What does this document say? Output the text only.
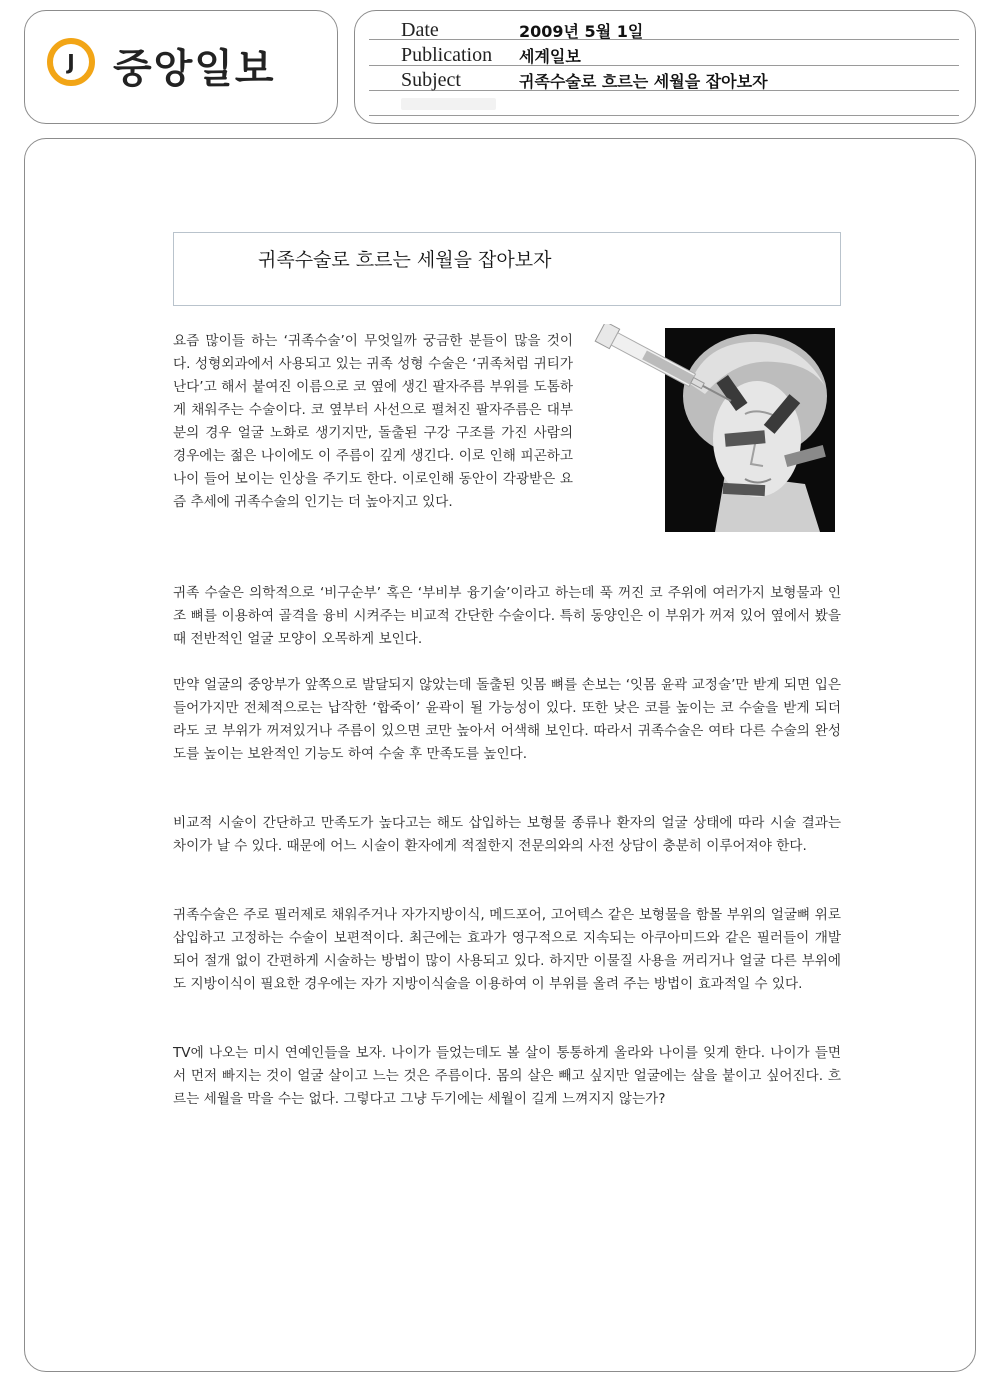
J 중앙일보
Date	2009년 5월 1일
Publication 세계일보
Subject	귀족수술로 흐르는 세월을 잡아보자
귀족수술로 흐르는 세월을 잡아보자

요즘 많이들 하는 ‘귀족수술’이 무엇일까 궁금한 분들이 많을 것이다. 성형외과에서 사용되고 있는 귀족 성형 수술은 ‘귀족처럼 귀티가 난다’고 해서 붙여진 이름으로 코 옆에 생긴 팔자주름 부위를 도톰하게 채워주는 수술이다. 코 옆부터 사선으로 펼쳐진 팔자주름은 대부분의 경우 얼굴 노화로 생기지만, 돌출된 구강 구조를 가진 사람의 경우에는 젊은 나이에도 이 주름이 깊게 생긴다. 이로 인해 피곤하고 나이 들어 보이는 인상을 주기도 한다. 이로인해 동안이 각광받은 요즘 추세에 귀족수술의 인기는 더 높아지고 있다.

귀족 수술은 의학적으로 ‘비구순부’ 혹은 ‘부비부 융기술’이라고 하는데 푹 꺼진 코 주위에 여러가지 보형물과 인조 뼈를 이용하여 골격을 융비 시켜주는 비교적 간단한 수술이다. 특히 동양인은 이 부위가 꺼져 있어 옆에서 봤을 때 전반적인 얼굴 모양이 오목하게 보인다.

만약 얼굴의 중앙부가 앞쪽으로 발달되지 않았는데 돌출된 잇몸 뼈를 손보는 ‘잇몸 윤곽 교정술’만 받게 되면 입은 들어가지만 전체적으로는 납작한 ‘합죽이’ 윤곽이 될 가능성이 있다. 또한 낮은 코를 높이는 코 수술을 받게 되더라도 코 부위가 꺼져있거나 주름이 있으면 코만 높아서 어색해 보인다. 따라서 귀족수술은 여타 다른 수술의 완성도를 높이는 보완적인 기능도 하여 수술 후 만족도를 높인다.

비교적 시술이 간단하고 만족도가 높다고는 해도 삽입하는 보형물 종류나 환자의 얼굴 상태에 따라 시술 결과는 차이가 날 수 있다. 때문에 어느 시술이 환자에게 적절한지 전문의와의 사전 상담이 충분히 이루어져야 한다.

귀족수술은 주로 필러제로 채워주거나 자가지방이식, 메드포어, 고어텍스 같은 보형물을 함몰 부위의 얼굴뼈 위로 삽입하고 고정하는 수술이 보편적이다. 최근에는 효과가 영구적으로 지속되는 아쿠아미드와 같은 필러들이 개발되어 절개 없이 간편하게 시술하는 방법이 많이 사용되고 있다. 하지만 이물질 사용을 꺼리거나 얼굴 다른 부위에도 지방이식이 필요한 경우에는 자가 지방이식술을 이용하여 이 부위를 올려 주는 방법이 효과적일 수 있다.

TV에 나오는 미시 연예인들을 보자. 나이가 들었는데도 볼 살이 통통하게 올라와 나이를 잊게 한다. 나이가 들면서 먼저 빠지는 것이 얼굴 살이고 느는 것은 주름이다. 몸의 살은 빼고 싶지만 얼굴에는 살을 붙이고 싶어진다. 흐르는 세월을 막을 수는 없다. 그렇다고 그냥 두기에는 세월이 길게 느껴지지 않는가?
